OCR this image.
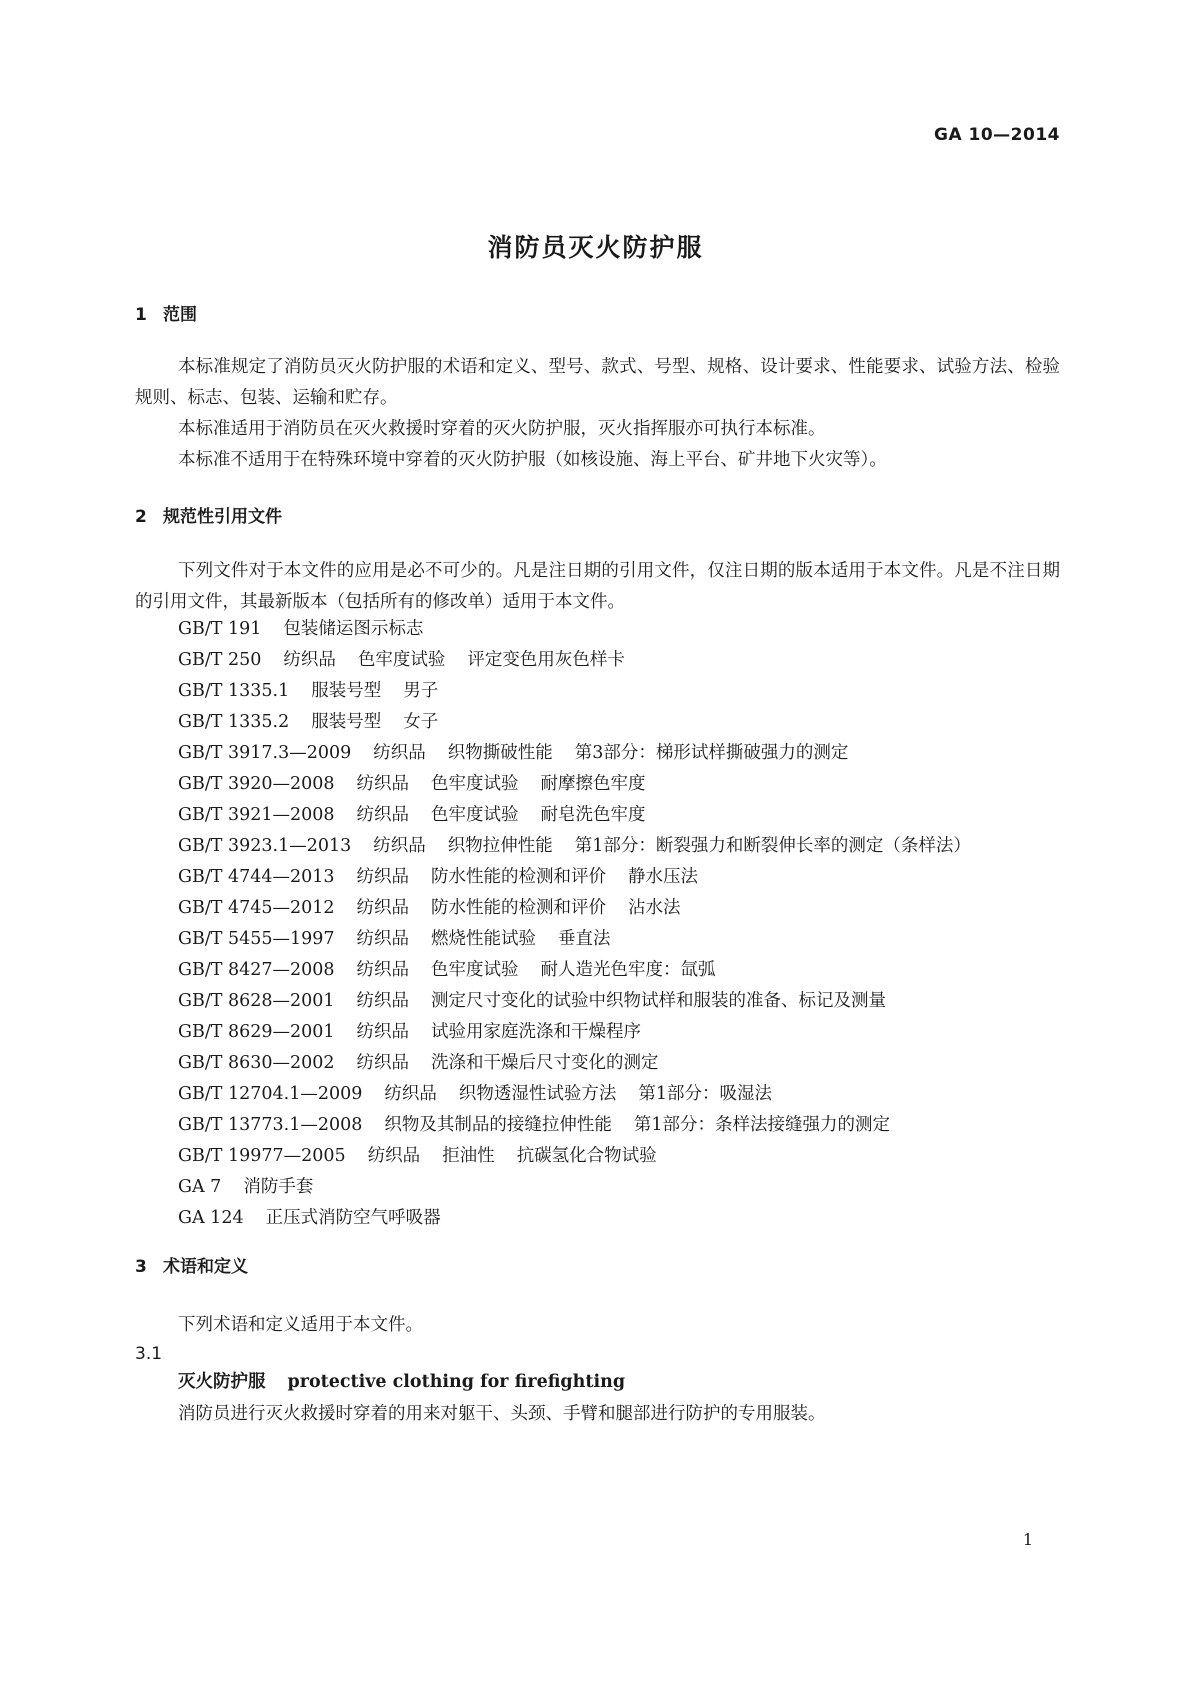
GA 10—2014
消防员灭火防护服
1 范围
本标准规定了消防员灭火防护服的术语和定义、型号、款式、号型、规格、设计要求、性能要求、试验方法、检验规则、标志、包装、运输和贮存。
本标准适用于消防员在灭火救援时穿着的灭火防护服，灭火指挥服亦可执行本标准。
本标准不适用于在特殊环境中穿着的灭火防护服（如核设施、海上平台、矿井地下火灾等）。
2 规范性引用文件
下列文件对于本文件的应用是必不可少的。凡是注日期的引用文件，仅注日期的版本适用于本文件。凡是不注日期的引用文件，其最新版本（包括所有的修改单）适用于本文件。
GB/T 191 包装储运图示标志
GB/T 250 纺织品 色牢度试验 评定变色用灰色样卡
GB/T 1335.1 服装号型 男子
GB/T 1335.2 服装号型 女子
GB/T 3917.3—2009 纺织品 织物撕破性能 第3部分：梯形试样撕破强力的测定
GB/T 3920—2008 纺织品 色牢度试验 耐摩擦色牢度
GB/T 3921—2008 纺织品 色牢度试验 耐皂洗色牢度
GB/T 3923.1—2013 纺织品 织物拉伸性能 第1部分：断裂强力和断裂伸长率的测定（条样法）
GB/T 4744—2013 纺织品 防水性能的检测和评价 静水压法
GB/T 4745—2012 纺织品 防水性能的检测和评价 沾水法
GB/T 5455—1997 纺织品 燃烧性能试验 垂直法
GB/T 8427—2008 纺织品 色牢度试验 耐人造光色牢度：氙弧
GB/T 8628—2001 纺织品 测定尺寸变化的试验中织物试样和服装的准备、标记及测量
GB/T 8629—2001 纺织品 试验用家庭洗涤和干燥程序
GB/T 8630—2002 纺织品 洗涤和干燥后尺寸变化的测定
GB/T 12704.1—2009 纺织品 织物透湿性试验方法 第1部分：吸湿法
GB/T 13773.1—2008 织物及其制品的接缝拉伸性能 第1部分：条样法接缝强力的测定
GB/T 19977—2005 纺织品 拒油性 抗碳氢化合物试验
GA 7 消防手套
GA 124 正压式消防空气呼吸器
3 术语和定义
下列术语和定义适用于本文件。
3.1
灭火防护服 protective clothing for firefighting
消防员进行灭火救援时穿着的用来对躯干、头颈、手臂和腿部进行防护的专用服装。
1
